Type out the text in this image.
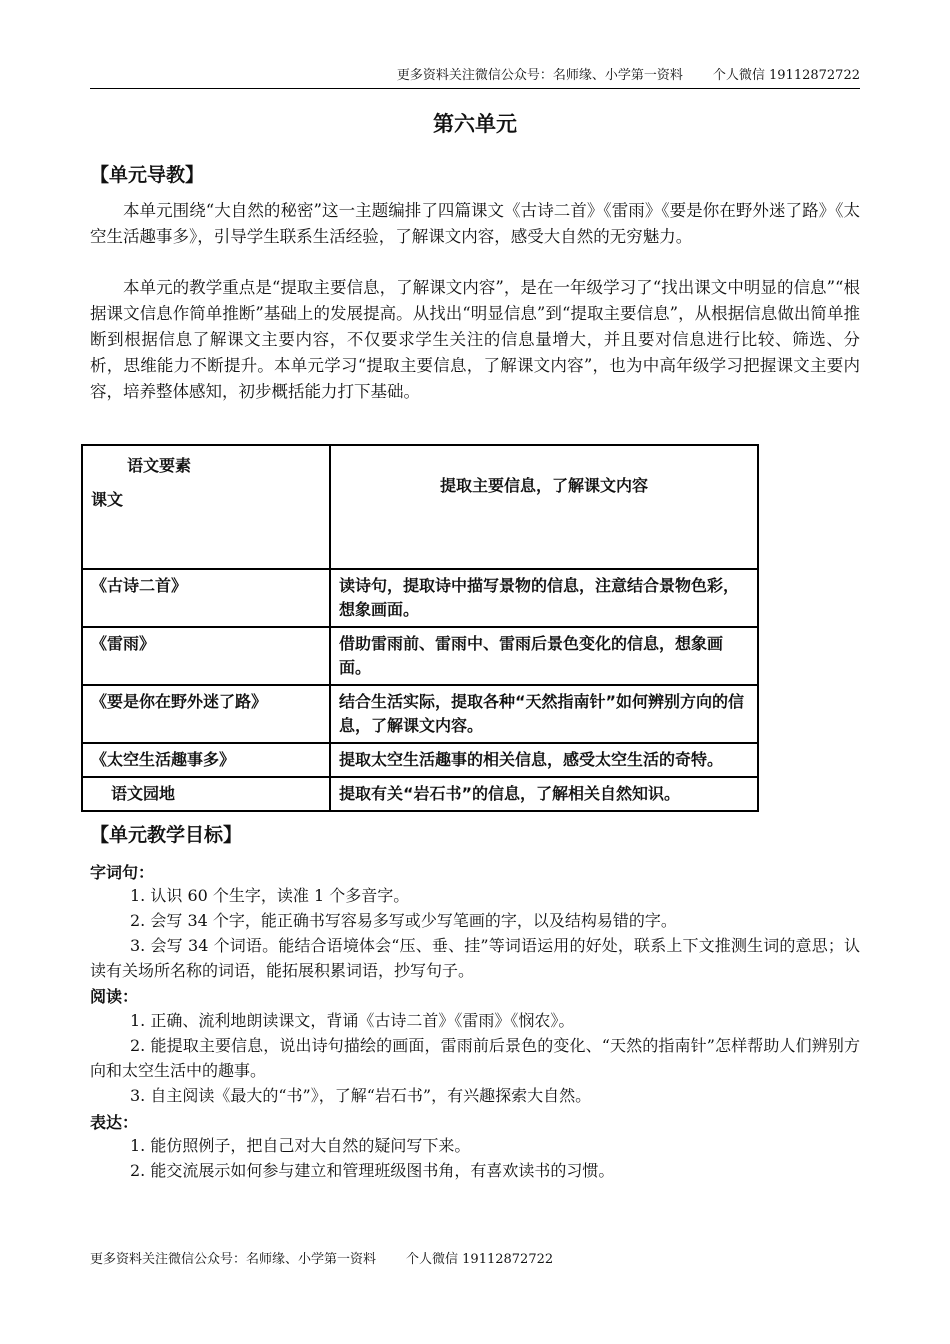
更多资料关注微信公众号：名师缘、小学第一资料 个人微信 19112872722
第六单元
【单元导教】

本单元围绕“大自然的秘密”这一主题编排了四篇课文《古诗二首》《雷雨》《要是你在野外迷了路》《太空生活趣事多》，引导学生联系生活经验，了解课文内容，感受大自然的无穷魅力。

本单元的教学重点是“提取主要信息，了解课文内容”，是在一年级学习了“找出课文中明显的信息”“根据课文信息作简单推断”基础上的发展提高。从找出“明显信息”到“提取主要信息”，从根据信息做出简单推断到根据信息了解课文主要内容，不仅要求学生关注的信息量增大，并且要对信息进行比较、筛选、分析，思维能力不断提升。本单元学习“提取主要信息，了解课文内容”，也为中高年级学习把握课文主要内容，培养整体感知，初步概括能力打下基础。

语文要素
课文	提取主要信息，了解课文内容
《古诗二首》	读诗句，提取诗中描写景物的信息，注意结合景物色彩，想象画面。
《雷雨》	借助雷雨前、雷雨中、雷雨后景色变化的信息，想象画面。
《要是你在野外迷了路》	结合生活实际，提取各种“天然指南针”如何辨别方向的信息，了解课文内容。
《太空生活趣事多》	提取太空生活趣事的相关信息，感受太空生活的奇特。
语文园地	提取有关“岩石书”的信息，了解相关自然知识。
【单元教学目标】
字词句：

1. 认识 60 个生字，读准 1 个多音字。

2. 会写 34 个字，能正确书写容易多写或少写笔画的字，以及结构易错的字。

3. 会写 34 个词语。能结合语境体会“压、垂、挂”等词语运用的好处，联系上下文推测生词的意思；认读有关场所名称的词语，能拓展积累词语，抄写句子。

阅读：

1. 正确、流利地朗读课文，背诵《古诗二首》《雷雨》《悯农》。

2. 能提取主要信息，说出诗句描绘的画面，雷雨前后景色的变化、“天然的指南针”怎样帮助人们辨别方向和太空生活中的趣事。

3. 自主阅读《最大的“书”》，了解“岩石书”，有兴趣探索大自然。

表达：

1. 能仿照例子，把自己对大自然的疑问写下来。

2. 能交流展示如何参与建立和管理班级图书角，有喜欢读书的习惯。

更多资料关注微信公众号：名师缘、小学第一资料 个人微信 19112872722
